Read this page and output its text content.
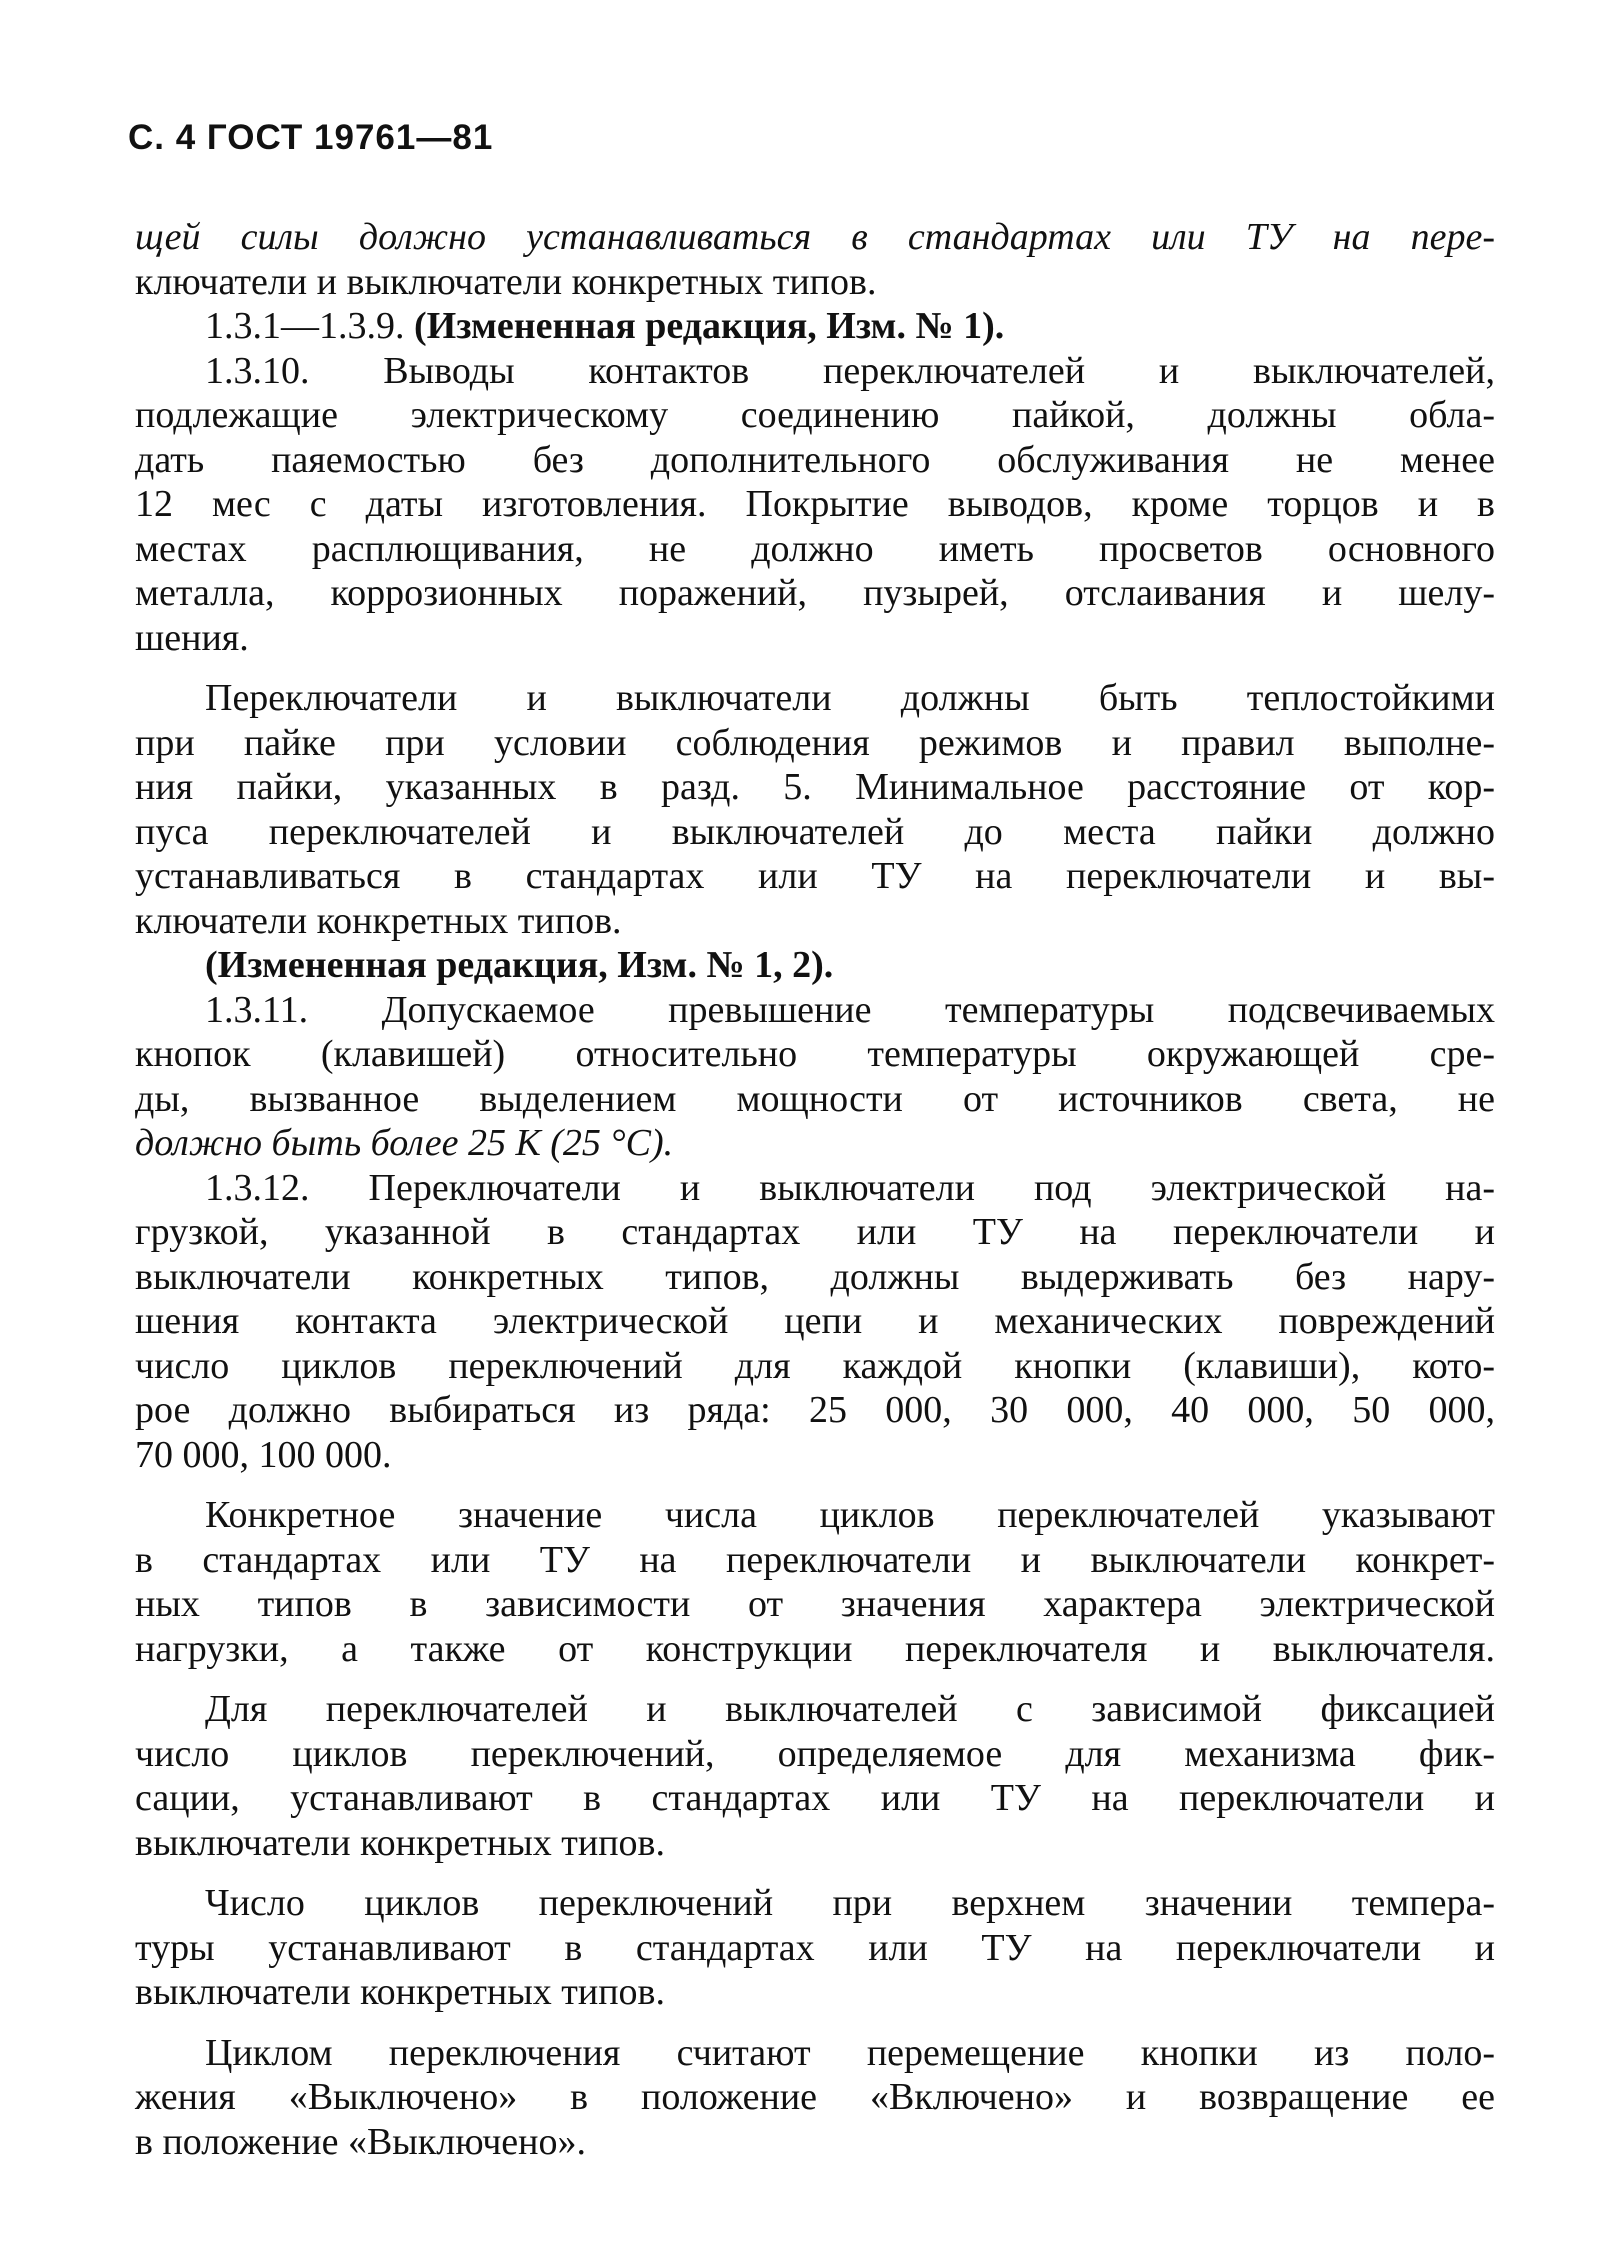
С. 4 ГОСТ 19761—81
щей силы должно устанавливаться в стандартах или ТУ на пере-
ключатели и выключатели конкретных типов.
1.3.1—1.3.9. (Измененная редакция, Изм. № 1).
1.3.10. Выводы контактов переключателей и выключателей,
подлежащие электрическому соединению пайкой, должны обла-
дать паяемостью без дополнительного обслуживания не менее
12 мес с даты изготовления. Покрытие выводов, кроме торцов и в
местах расплющивания, не должно иметь просветов основного
металла, коррозионных поражений, пузырей, отслаивания и шелу-
шения.
Переключатели и выключатели должны быть теплостойкими
при пайке при условии соблюдения режимов и правил выполне-
ния пайки, указанных в разд. 5. Минимальное расстояние от кор-
пуса переключателей и выключателей до места пайки должно
устанавливаться в стандартах или ТУ на переключатели и вы-
ключатели конкретных типов.
(Измененная редакция, Изм. № 1, 2).
1.3.11. Допускаемое превышение температуры подсвечиваемых
кнопок (клавишей) относительно температуры окружающей сре-
ды, вызванное выделением мощности от источников света, не
должно быть более 25 К (25 °С).
1.3.12. Переключатели и выключатели под электрической на-
грузкой, указанной в стандартах или ТУ на переключатели и
выключатели конкретных типов, должны выдерживать без нару-
шения контакта электрической цепи и механических повреждений
число циклов переключений для каждой кнопки (клавиши), кото-
рое должно выбираться из ряда: 25 000, 30 000, 40 000, 50 000,
70 000, 100 000.
Конкретное значение числа циклов переключателей указывают
в стандартах или ТУ на переключатели и выключатели конкрет-
ных типов в зависимости от значения характера электрической
нагрузки, а также от конструкции переключателя и выключателя.
Для переключателей и выключателей с зависимой фиксацией
число циклов переключений, определяемое для механизма фик-
сации, устанавливают в стандартах или ТУ на переключатели и
выключатели конкретных типов.
Число циклов переключений при верхнем значении темпера-
туры устанавливают в стандартах или ТУ на переключатели и
выключатели конкретных типов.
Циклом переключения считают перемещение кнопки из поло-
жения «Выключено» в положение «Включено» и возвращение ее
в положение «Выключено».
